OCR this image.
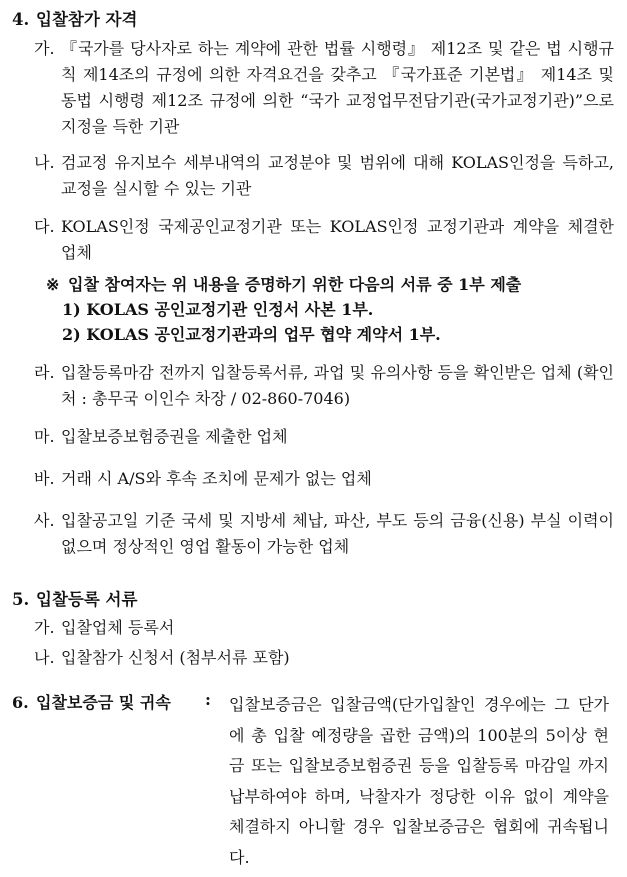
4. 입찰참가 자격
가. 『국가를 당사자로 하는 계약에 관한 법률 시행령』 제12조 및 같은 법 시행규칙 제14조의 규정에 의한 자격요건을 갖추고 『국가표준 기본법』 제14조 및 동법 시행령 제12조 규정에 의한 “국가 교정업무전담기관(국가교정기관)”으로 지정을 득한 기관
나. 검교정 유지보수 세부내역의 교정분야 및 범위에 대해 KOLAS인정을 득하고, 교정을 실시할 수 있는 기관
다. KOLAS인정 국제공인교정기관 또는 KOLAS인정 교정기관과 계약을 체결한 업체
※ 입찰 참여자는 위 내용을 증명하기 위한 다음의 서류 중 1부 제출
1) KOLAS 공인교정기관 인정서 사본 1부.
2) KOLAS 공인교정기관과의 업무 협약 계약서 1부.
라. 입찰등록마감 전까지 입찰등록서류, 과업 및 유의사항 등을 확인받은 업체 (확인처 : 총무국 이인수 차장 / 02-860-7046)
마. 입찰보증보험증권을 제출한 업체
바. 거래 시 A/S와 후속 조치에 문제가 없는 업체
사. 입찰공고일 기준 국세 및 지방세 체납, 파산, 부도 등의 금융(신용) 부실 이력이 없으며 정상적인 영업 활동이 가능한 업체
5. 입찰등록 서류
가. 입찰업체 등록서
나. 입찰참가 신청서 (첨부서류 포함)
6. 입찰보증금 및 귀속 : 입찰보증금은 입찰금액(단가입찰인 경우에는 그 단가에 총 입찰 예정량을 곱한 금액)의 100분의 5이상 현금 또는 입찰보증보험증권 등을 입찰등록 마감일 까지 납부하여야 하며, 낙찰자가 정당한 이유 없이 계약을 체결하지 아니할 경우 입찰보증금은 협회에 귀속됩니다.
